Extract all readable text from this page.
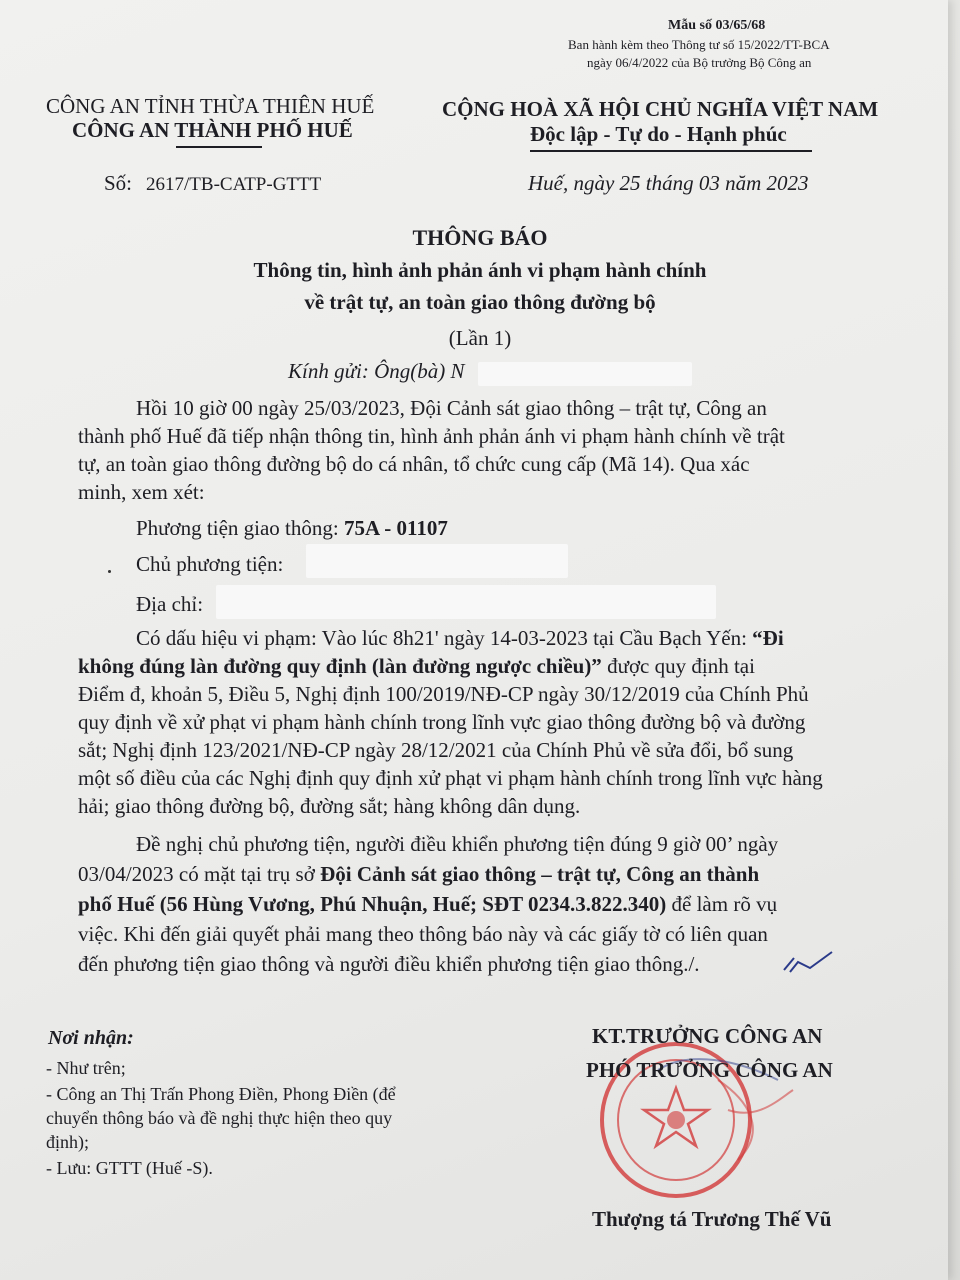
Mẫu số 03/65/68
Ban hành kèm theo Thông tư số 15/2022/TT-BCA
ngày 06/4/2022 của Bộ trưởng Bộ Công an
CÔNG AN TỈNH THỪA THIÊN HUẾ
CÔNG AN THÀNH PHỐ HUẾ
CỘNG HOÀ XÃ HỘI CHỦ NGHĨA VIỆT NAM
Độc lập - Tự do - Hạnh phúc
Số: 2617/TB-CATP-GTTT	Huế, ngày 25 tháng 03 năm 2023
THÔNG BÁO
Thông tin, hình ảnh phản ánh vi phạm hành chính
về trật tự, an toàn giao thông đường bộ
(Lần 1)
Kính gửi: Ông(bà) N
Hồi 10 giờ 00 ngày 25/03/2023, Đội Cảnh sát giao thông – trật tự, Công an
thành phố Huế đã tiếp nhận thông tin, hình ảnh phản ánh vi phạm hành chính về trật
tự, an toàn giao thông đường bộ do cá nhân, tổ chức cung cấp (Mã 14). Qua xác
minh, xem xét:
Phương tiện giao thông: 75A - 01107
Chủ phương tiện:
Địa chỉ:
Có dấu hiệu vi phạm: Vào lúc 8h21' ngày 14-03-2023 tại Cầu Bạch Yến: “Đi
không đúng làn đường quy định (làn đường ngược chiều)” được quy định tại
Điểm đ, khoản 5, Điều 5, Nghị định 100/2019/NĐ-CP ngày 30/12/2019 của Chính Phủ
quy định về xử phạt vi phạm hành chính trong lĩnh vực giao thông đường bộ và đường
sắt; Nghị định 123/2021/NĐ-CP ngày 28/12/2021 của Chính Phủ về sửa đổi, bổ sung
một số điều của các Nghị định quy định xử phạt vi phạm hành chính trong lĩnh vực hàng
hải; giao thông đường bộ, đường sắt; hàng không dân dụng.
Đề nghị chủ phương tiện, người điều khiển phương tiện đúng 9 giờ 00’ ngày
03/04/2023 có mặt tại trụ sở Đội Cảnh sát giao thông – trật tự, Công an thành
phố Huế (56 Hùng Vương, Phú Nhuận, Huế; SĐT 0234.3.822.340) để làm rõ vụ
việc. Khi đến giải quyết phải mang theo thông báo này và các giấy tờ có liên quan
đến phương tiện giao thông và người điều khiển phương tiện giao thông./.
Nơi nhận:
- Như trên;
- Công an Thị Trấn Phong Điền, Phong Điền (để
chuyển thông báo và đề nghị thực hiện theo quy
định);
- Lưu: GTTT (Huế -S).
KT.TRƯỞNG CÔNG AN
PHÓ TRƯỞNG CÔNG AN
Thượng tá Trương Thế Vũ
